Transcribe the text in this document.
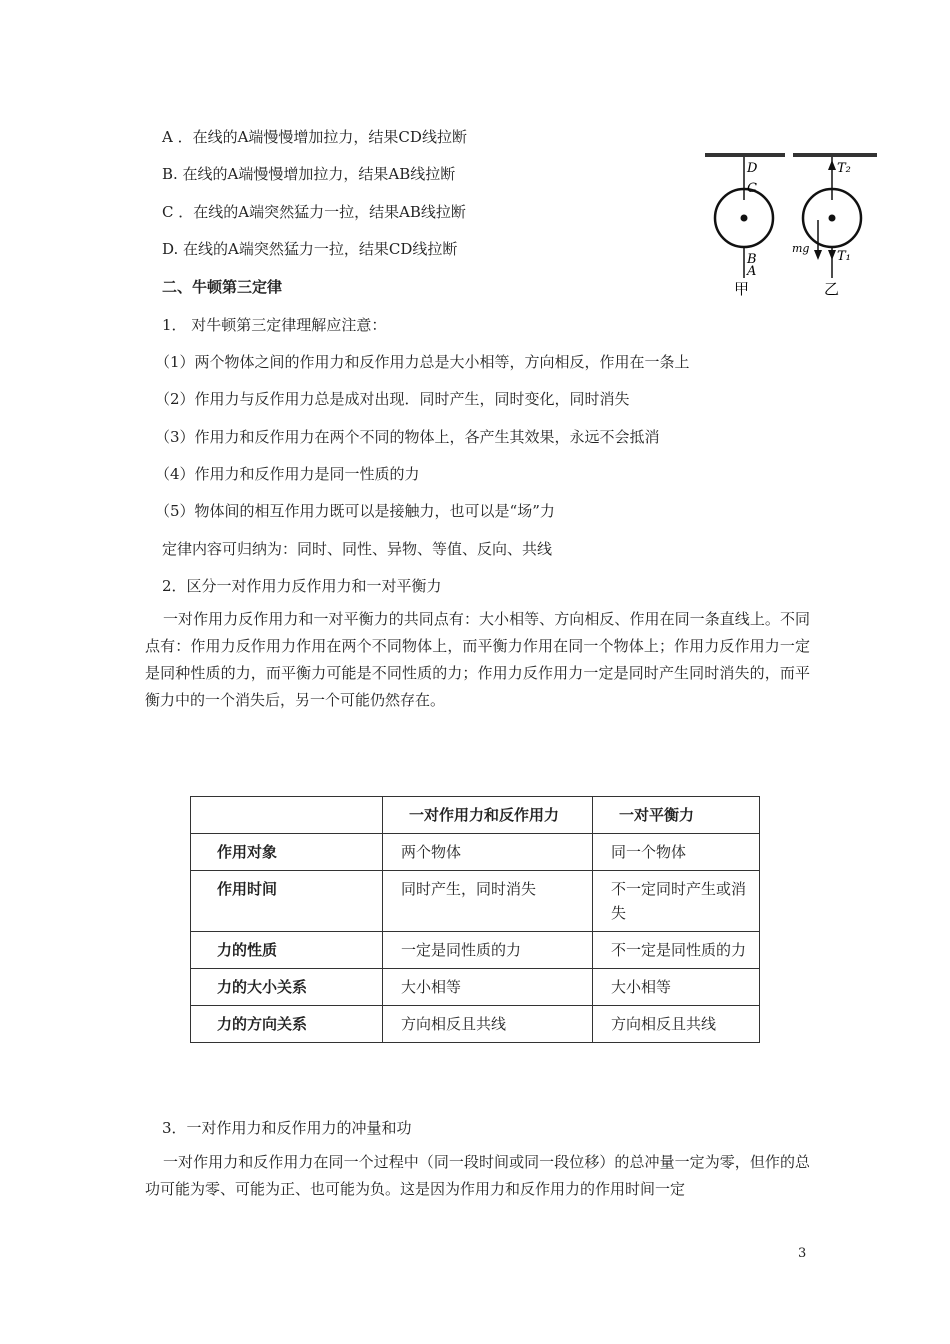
A ．在线的A端慢慢增加拉力，结果CD线拉断
B. 在线的A端慢慢增加拉力，结果AB线拉断
C ．在线的A端突然猛力一拉，结果AB线拉断
D. 在线的A端突然猛力一拉，结果CD线拉断
D
C
B
A
甲
T₂
mg
T₁
乙
二、牛顿第三定律
1． 对牛顿第三定律理解应注意：
（1）两个物体之间的作用力和反作用力总是大小相等，方向相反，作用在一条上
（2）作用力与反作用力总是成对出现．同时产生，同时变化，同时消失
（3）作用力和反作用力在两个不同的物体上，各产生其效果，永远不会抵消
（4）作用力和反作用力是同一性质的力
（5）物体间的相互作用力既可以是接触力，也可以是“场”力
定律内容可归纳为：同时、同性、异物、等值、反向、共线
2．区分一对作用力反作用力和一对平衡力
一对作用力反作用力和一对平衡力的共同点有：大小相等、方向相反、作用在同一条直线上。不同点有：作用力反作用力作用在两个不同物体上，而平衡力作用在同一个物体上；作用力反作用力一定是同种性质的力，而平衡力可能是不同性质的力；作用力反作用力一定是同时产生同时消失的，而平衡力中的一个消失后，另一个可能仍然存在。
	一对作用力和反作用力	一对平衡力
作用对象	两个物体	同一个物体
作用时间	同时产生，同时消失	不一定同时产生或消失
力的性质	一定是同性质的力	不一定是同性质的力
力的大小关系	大小相等	大小相等
力的方向关系	方向相反且共线	方向相反且共线
3．一对作用力和反作用力的冲量和功
一对作用力和反作用力在同一个过程中（同一段时间或同一段位移）的总冲量一定为零，但作的总功可能为零、可能为正、也可能为负。这是因为作用力和反作用力的作用时间一定
3
